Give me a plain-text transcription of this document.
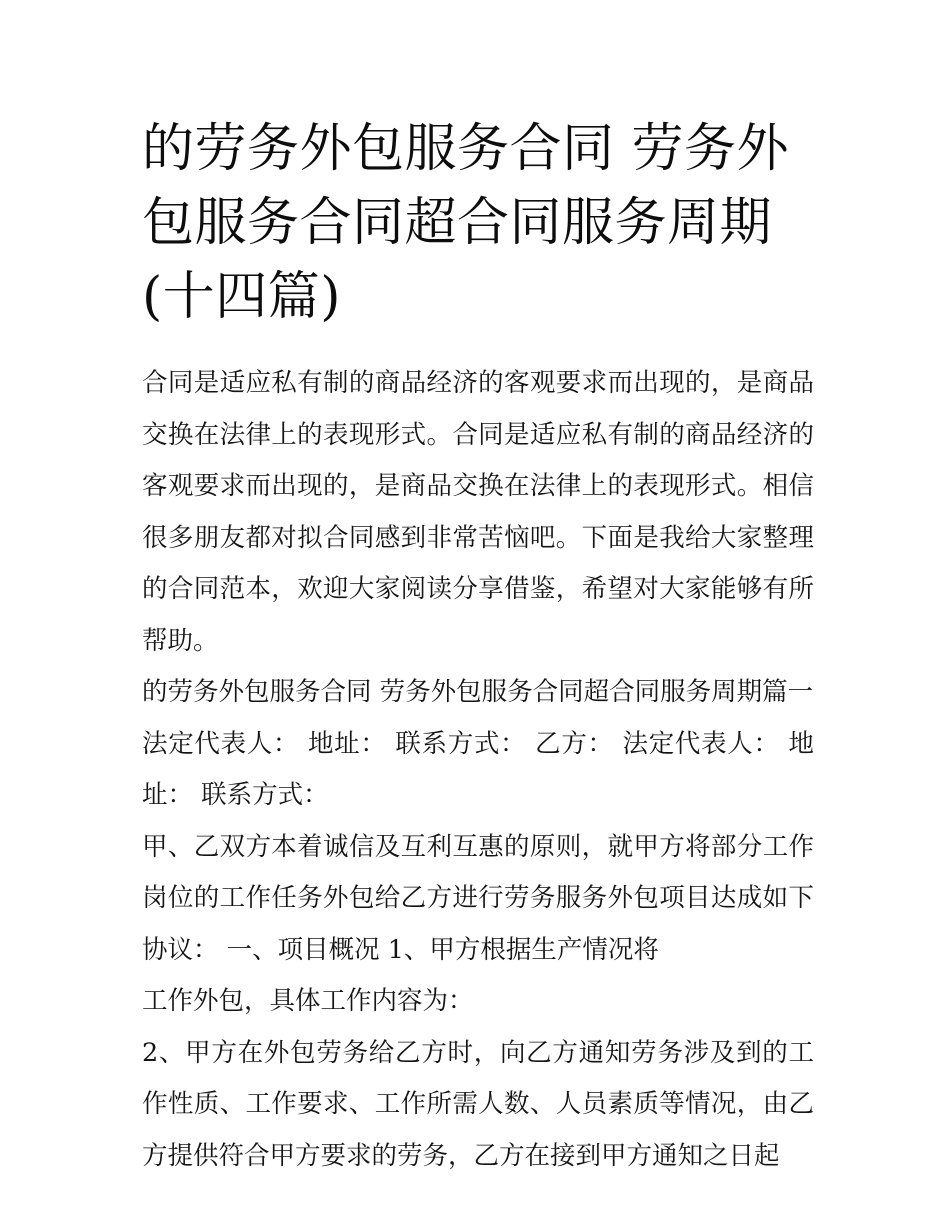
的劳务外包服务合同 劳务外包服务合同超合同服务周期(十四篇)

合同是适应私有制的商品经济的客观要求而出现的，是商品交换在法律上的表现形式。合同是适应私有制的商品经济的客观要求而出现的，是商品交换在法律上的表现形式。相信很多朋友都对拟合同感到非常苦恼吧。下面是我给大家整理的合同范本，欢迎大家阅读分享借鉴，希望对大家能够有所帮助。

的劳务外包服务合同 劳务外包服务合同超合同服务周期篇一

法定代表人： 地址： 联系方式： 乙方： 法定代表人： 地址： 联系方式：

甲、乙双方本着诚信及互利互惠的原则，就甲方将部分工作岗位的工作任务外包给乙方进行劳务服务外包项目达成如下协议： 一、项目概况 1、甲方根据生产情况将

工作外包，具体工作内容为：

2、甲方在外包劳务给乙方时，向乙方通知劳务涉及到的工作性质、工作要求、工作所需人数、人员素质等情况，由乙方提供符合甲方要求的劳务，乙方在接到甲方通知之日起
